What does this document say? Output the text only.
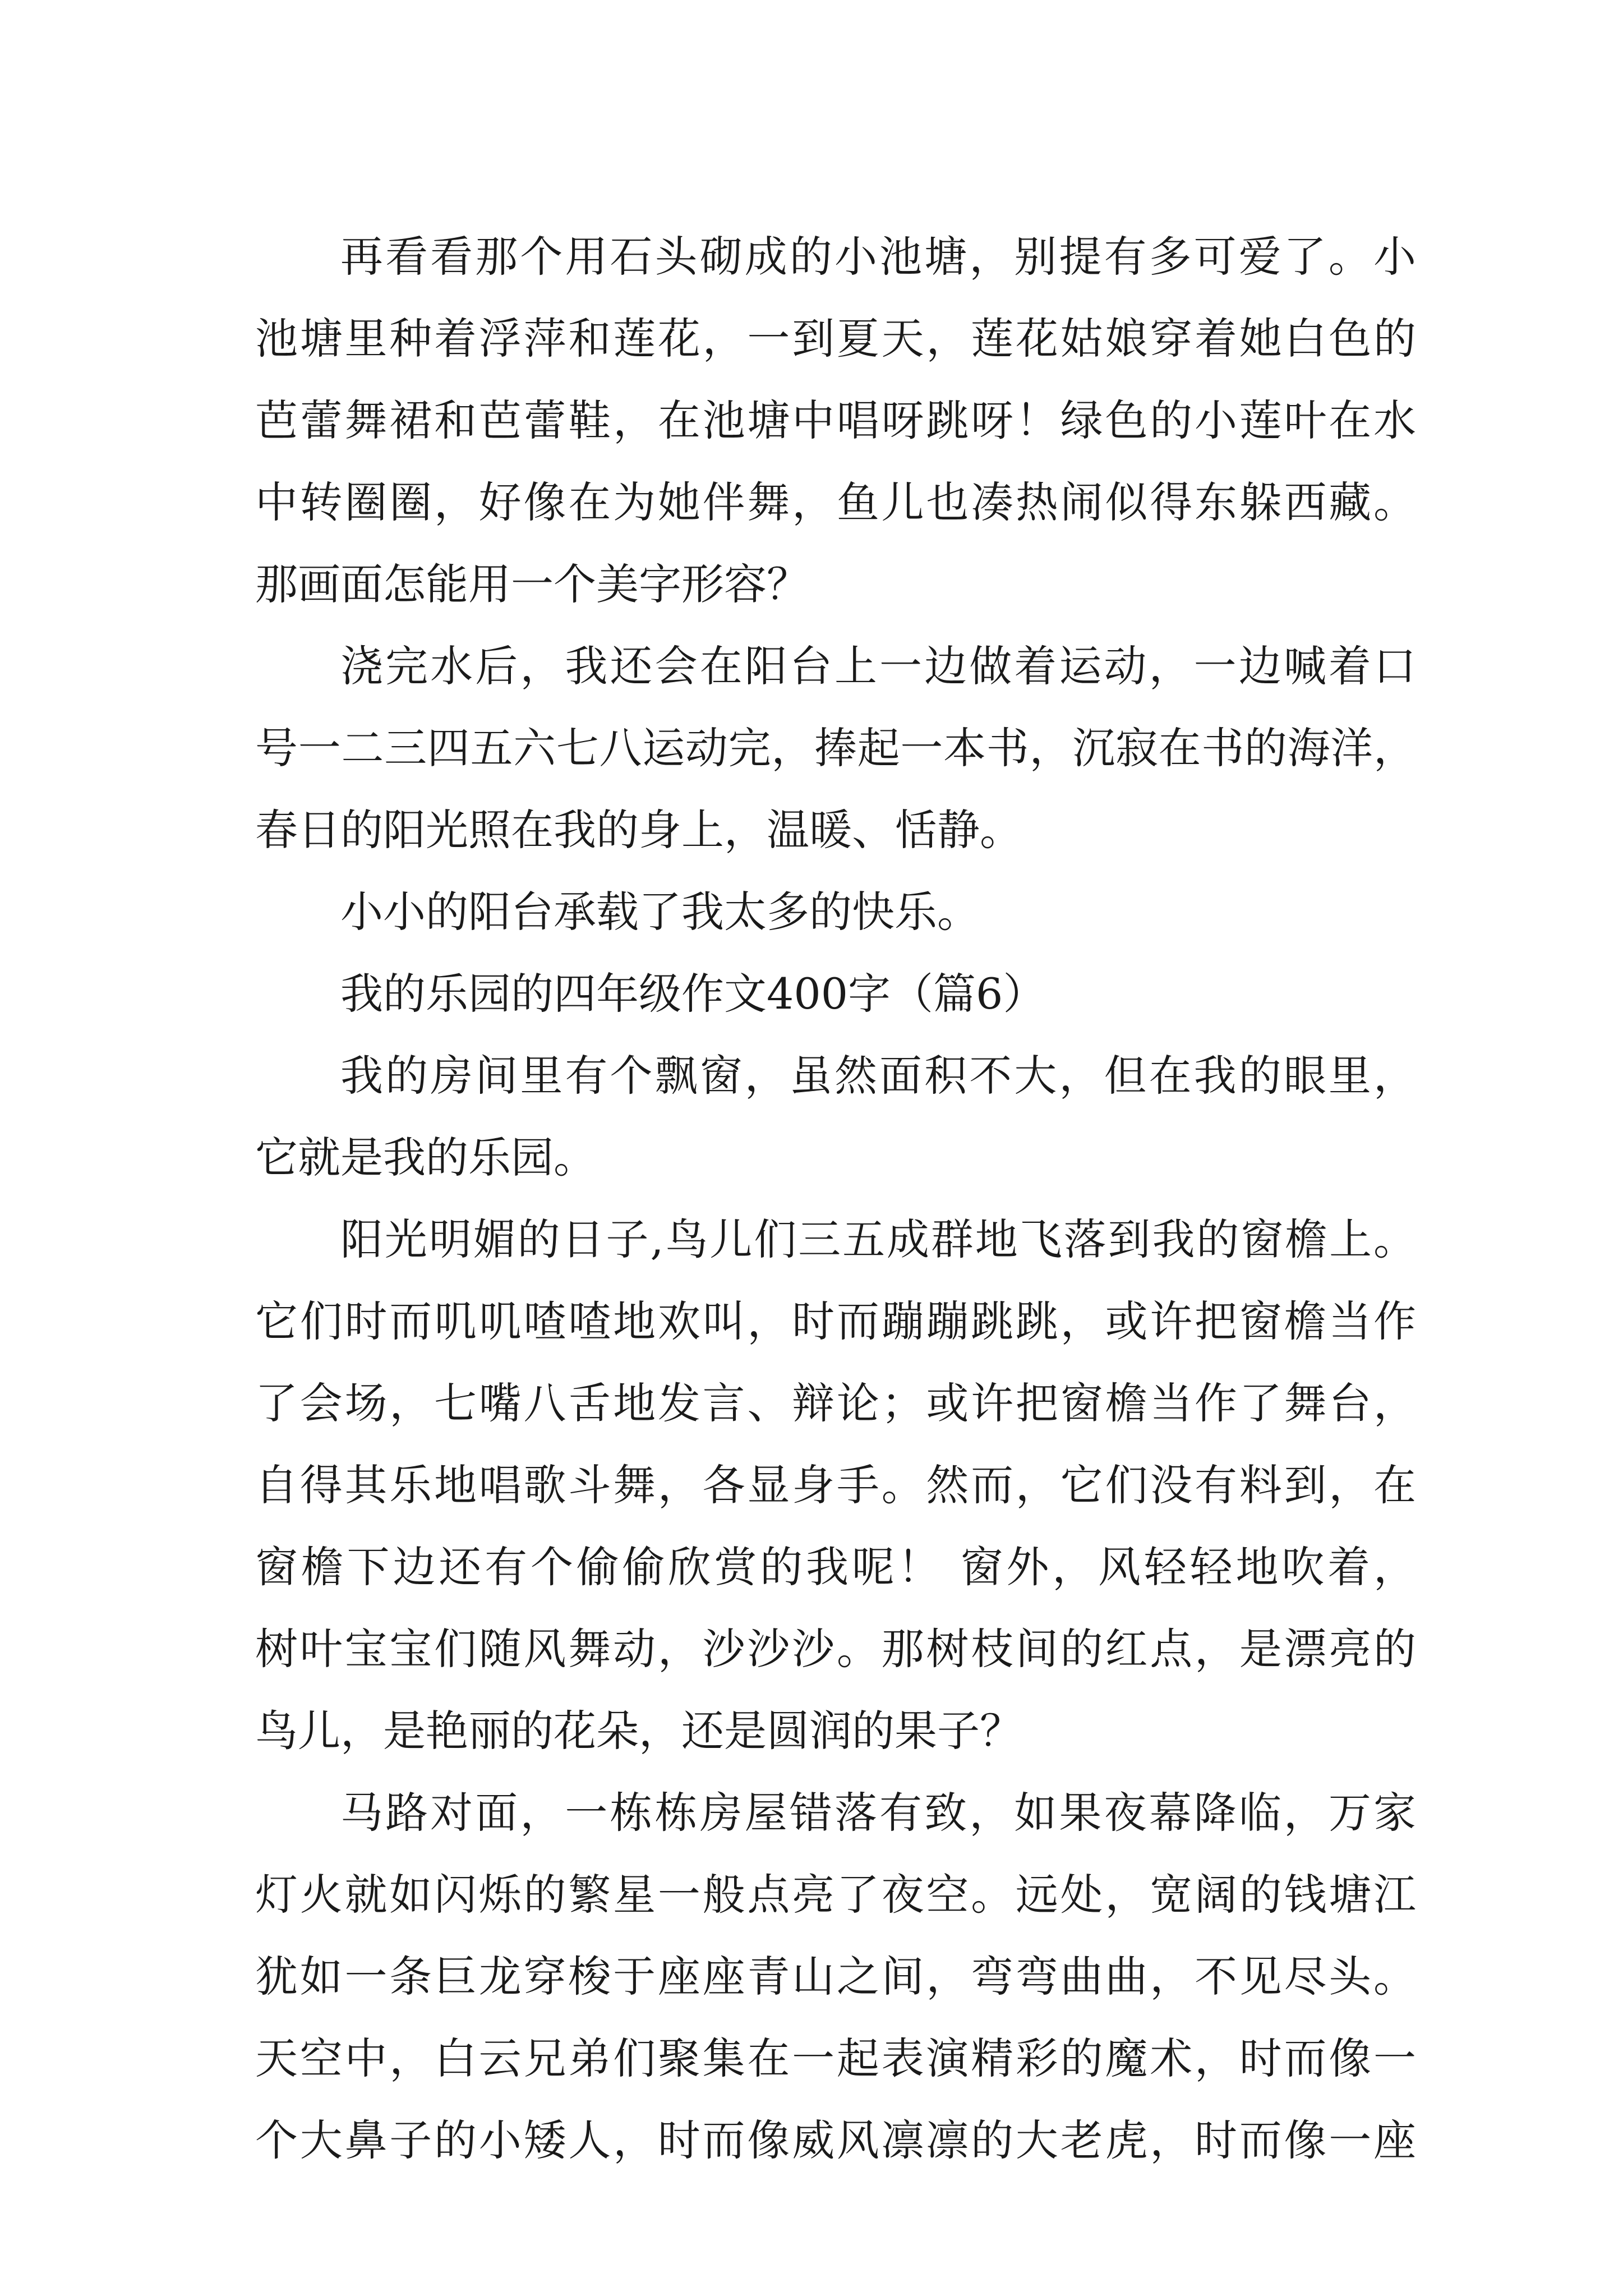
再看看那个用石头砌成的小池塘，别提有多可爱了。小
池塘里种着浮萍和莲花，一到夏天，莲花姑娘穿着她白色的
芭蕾舞裙和芭蕾鞋，在池塘中唱呀跳呀！绿色的小莲叶在水
中转圈圈，好像在为她伴舞，鱼儿也凑热闹似得东躲西藏。
那画面怎能用一个美字形容？
浇完水后，我还会在阳台上一边做着运动，一边喊着口
号一二三四五六七八运动完，捧起一本书，沉寂在书的海洋，
春日的阳光照在我的身上，温暖、恬静。
小小的阳台承载了我太多的快乐。
我的乐园的四年级作文400字（篇6）
我的房间里有个飘窗，虽然面积不大，但在我的眼里，
它就是我的乐园。
阳光明媚的日子,鸟儿们三五成群地飞落到我的窗檐上。
它们时而叽叽喳喳地欢叫，时而蹦蹦跳跳，或许把窗檐当作
了会场，七嘴八舌地发言、辩论；或许把窗檐当作了舞台，
自得其乐地唱歌斗舞，各显身手。然而，它们没有料到，在
窗檐下边还有个偷偷欣赏的我呢！ 窗外，风轻轻地吹着，
树叶宝宝们随风舞动，沙沙沙。那树枝间的红点，是漂亮的
鸟儿，是艳丽的花朵，还是圆润的果子？
马路对面，一栋栋房屋错落有致，如果夜幕降临，万家
灯火就如闪烁的繁星一般点亮了夜空。远处，宽阔的钱塘江
犹如一条巨龙穿梭于座座青山之间，弯弯曲曲，不见尽头。
天空中，白云兄弟们聚集在一起表演精彩的魔术，时而像一
个大鼻子的小矮人，时而像威风凛凛的大老虎，时而像一座
